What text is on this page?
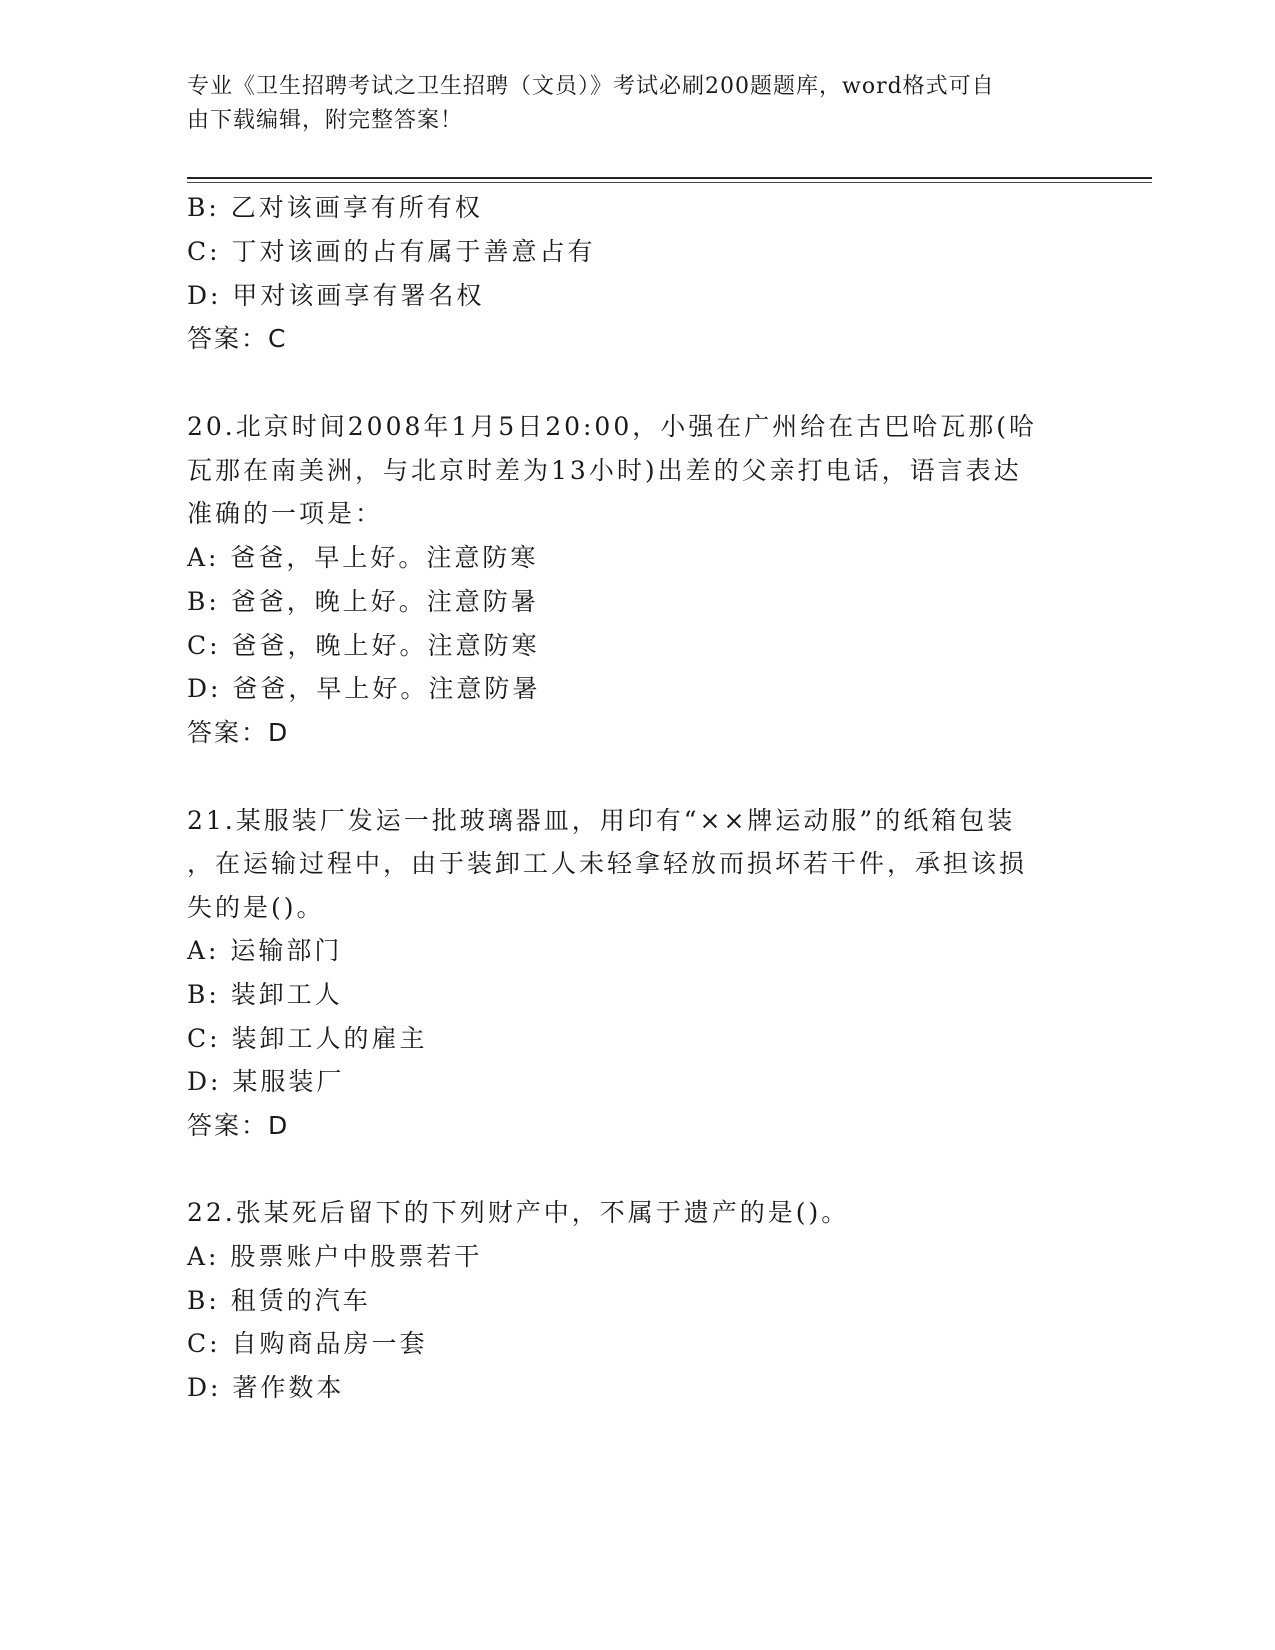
专业《卫生招聘考试之卫生招聘（文员）》考试必刷200题题库，word格式可自
由下载编辑，附完整答案！
B: 乙对该画享有所有权
C: 丁对该画的占有属于善意占有
D: 甲对该画享有署名权
答案：C
20.北京时间2008年1月5日20:00，小强在广州给在古巴哈瓦那(哈
瓦那在南美洲，与北京时差为13小时)出差的父亲打电话，语言表达
准确的一项是：
A: 爸爸，早上好。注意防寒
B: 爸爸，晚上好。注意防暑
C: 爸爸，晚上好。注意防寒
D: 爸爸，早上好。注意防暑
答案：D
21.某服装厂发运一批玻璃器皿，用印有“××牌运动服”的纸箱包装
，在运输过程中，由于装卸工人未轻拿轻放而损坏若干件，承担该损
失的是()。
A: 运输部门
B: 装卸工人
C: 装卸工人的雇主
D: 某服装厂
答案：D
22.张某死后留下的下列财产中，不属于遗产的是()。
A: 股票账户中股票若干
B: 租赁的汽车
C: 自购商品房一套
D: 著作数本
